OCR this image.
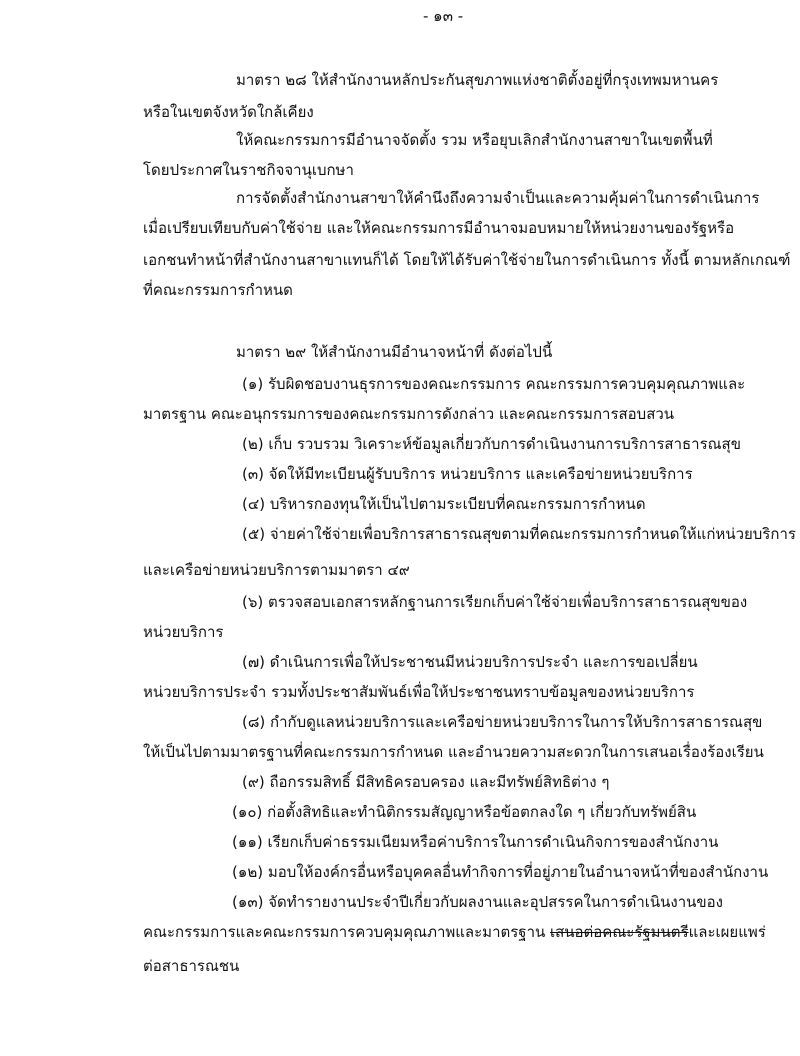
- ๑๓ -
มาตรา ๒๘ ให้สำนักงานหลักประกันสุขภาพแห่งชาติตั้งอยู่ที่กรุงเทพมหานคร
หรือในเขตจังหวัดใกล้เคียง
ให้คณะกรรมการมีอำนาจจัดตั้ง รวม หรือยุบเลิกสำนักงานสาขาในเขตพื้นที่
โดยประกาศในราชกิจจานุเบกษา
การจัดตั้งสำนักงานสาขาให้คำนึงถึงความจำเป็นและความคุ้มค่าในการดำเนินการ
เมื่อเปรียบเทียบกับค่าใช้จ่าย และให้คณะกรรมการมีอำนาจมอบหมายให้หน่วยงานของรัฐหรือ
เอกชนทำหน้าที่สำนักงานสาขาแทนก็ได้ โดยให้ได้รับค่าใช้จ่ายในการดำเนินการ ทั้งนี้ ตามหลักเกณฑ์
ที่คณะกรรมการกำหนด
มาตรา ๒๙ ให้สำนักงานมีอำนาจหน้าที่ ดังต่อไปนี้
(๑) รับผิดชอบงานธุรการของคณะกรรมการ คณะกรรมการควบคุมคุณภาพและ
มาตรฐาน คณะอนุกรรมการของคณะกรรมการดังกล่าว และคณะกรรมการสอบสวน
(๒) เก็บ รวบรวม วิเคราะห์ข้อมูลเกี่ยวกับการดำเนินงานการบริการสาธารณสุข
(๓) จัดให้มีทะเบียนผู้รับบริการ หน่วยบริการ และเครือข่ายหน่วยบริการ
(๔) บริหารกองทุนให้เป็นไปตามระเบียบที่คณะกรรมการกำหนด
(๕) จ่ายค่าใช้จ่ายเพื่อบริการสาธารณสุขตามที่คณะกรรมการกำหนดให้แก่หน่วยบริการ
และเครือข่ายหน่วยบริการตามมาตรา ๔๙
(๖) ตรวจสอบเอกสารหลักฐานการเรียกเก็บค่าใช้จ่ายเพื่อบริการสาธารณสุขของ
หน่วยบริการ
(๗) ดำเนินการเพื่อให้ประชาชนมีหน่วยบริการประจำ และการขอเปลี่ยน
หน่วยบริการประจำ รวมทั้งประชาสัมพันธ์เพื่อให้ประชาชนทราบข้อมูลของหน่วยบริการ
(๘) กำกับดูแลหน่วยบริการและเครือข่ายหน่วยบริการในการให้บริการสาธารณสุข
ให้เป็นไปตามมาตรฐานที่คณะกรรมการกำหนด และอำนวยความสะดวกในการเสนอเรื่องร้องเรียน
(๙) ถือกรรมสิทธิ์ มีสิทธิครอบครอง และมีทรัพย์สิทธิต่าง ๆ
(๑๐) ก่อตั้งสิทธิและทำนิติกรรมสัญญาหรือข้อตกลงใด ๆ เกี่ยวกับทรัพย์สิน
(๑๑) เรียกเก็บค่าธรรมเนียมหรือค่าบริการในการดำเนินกิจการของสำนักงาน
(๑๒) มอบให้องค์กรอื่นหรือบุคคลอื่นทำกิจการที่อยู่ภายในอำนาจหน้าที่ของสำนักงาน
(๑๓) จัดทำรายงานประจำปีเกี่ยวกับผลงานและอุปสรรคในการดำเนินงานของ
คณะกรรมการและคณะกรรมการควบคุมคุณภาพและมาตรฐาน เสนอต่อคณะรัฐมนตรีและเผยแพร่
ต่อสาธารณชน
